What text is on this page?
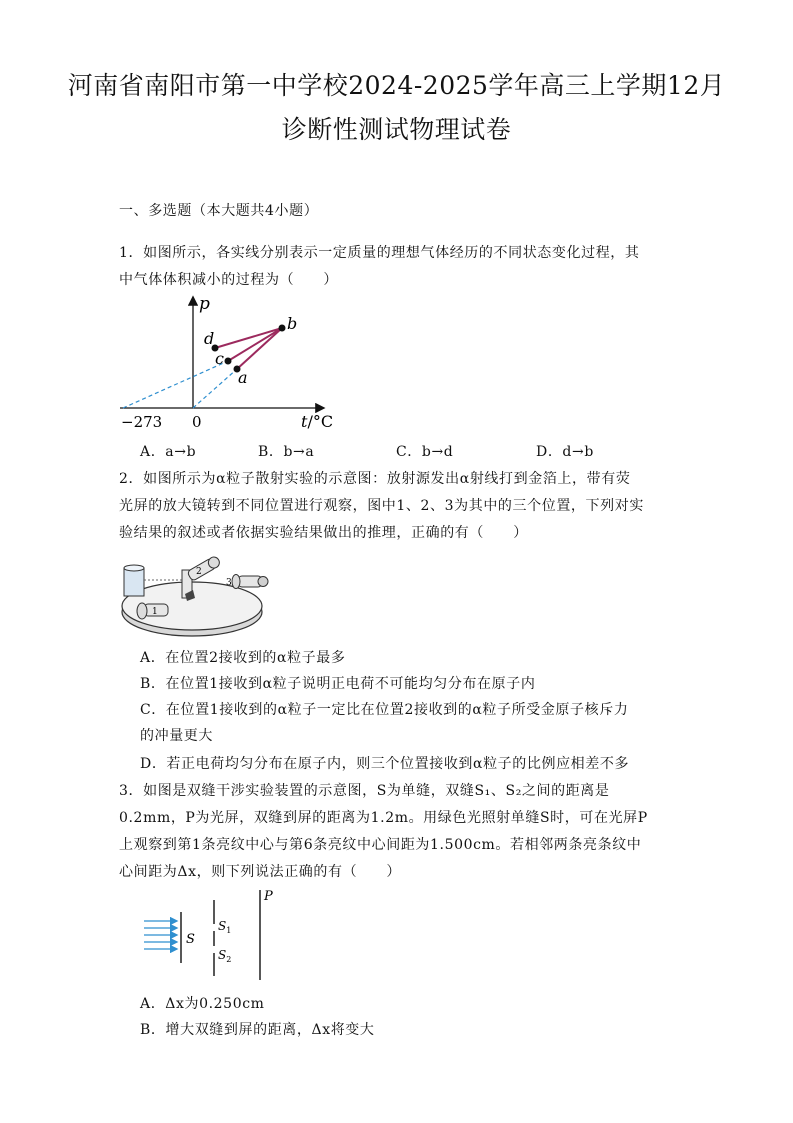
河南省南阳市第一中学校2024-2025学年高三上学期12月
诊断性测试物理试卷
一、多选题（本大题共4小题）
1．如图所示，各实线分别表示一定质量的理想气体经历的不同状态变化过程，其
中气体体积减小的过程为（　　）
p
b
d
c
a
−273 0	t/°C
A．a→b	B．b→a	C．b→d	D．d→b
2．如图所示为α粒子散射实验的示意图：放射源发出α射线打到金箔上，带有荧
光屏的放大镜转到不同位置进行观察，图中1、2、3为其中的三个位置，下列对实
验结果的叙述或者依据实验结果做出的推理，正确的有（　　）
2
3
1
A．在位置2接收到的α粒子最多
B．在位置1接收到α粒子说明正电荷不可能均匀分布在原子内
C．在位置1接收到的α粒子一定比在位置2接收到的α粒子所受金原子核斥力
的冲量更大
D．若正电荷均匀分布在原子内，则三个位置接收到α粒子的比例应相差不多
3．如图是双缝干涉实验装置的示意图，S为单缝，双缝S₁、S₂之间的距离是
0.2mm，P为光屏，双缝到屏的距离为1.2m。用绿色光照射单缝S时，可在光屏P
上观察到第1条亮纹中心与第6条亮纹中心间距为1.500cm。若相邻两条亮条纹中
心间距为Δx，则下列说法正确的有（　　）
S
$S_1$
$S_2$
P
A．Δx为0.250cm
B．增大双缝到屏的距离，Δx将变大
